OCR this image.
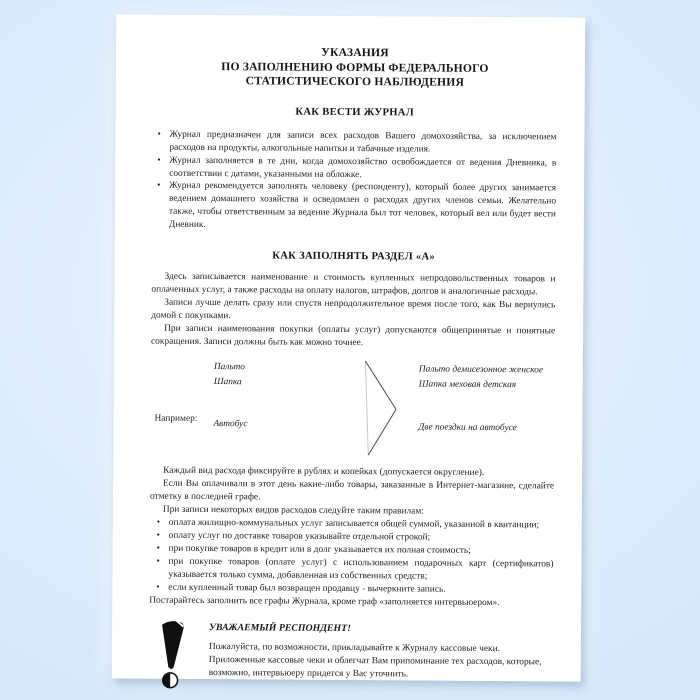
УКАЗАНИЯ
ПО ЗАПОЛНЕНИЮ ФОРМЫ ФЕДЕРАЛЬНОГО
СТАТИСТИЧЕСКОГО НАБЛЮДЕНИЯ
КАК ВЕСТИ ЖУРНАЛ
• Журнал предназначен для записи всех расходов Вашего домохозяйства, за исключением расходов на продукты, алкогольные напитки и табачные изделия.
• Журнал заполняется в те дни, когда домохозяйство освобождается от ведения Дневника, в соответствии с датами, указанными на обложке.
• Журнал рекомендуется заполнять человеку (респонденту), который более других занимается ведением домашнего хозяйства и осведомлен о расходах других членов семьи. Желательно также, чтобы ответственным за ведение Журнала был тот человек, который вел или будет вести Дневник.
КАК ЗАПОЛНЯТЬ РАЗДЕЛ «А»

Здесь записывается наименование и стоимость купленных непродовольственных товаров и оплаченных услуг, а также расходы на оплату налогов, штрафов, долгов и аналогичные расходы.

Записи лучше делать сразу или спустя непродолжительное время после того, как Вы вернулись домой с покупками.

При записи наименования покупки (оплаты услуг) допускаются общепринятые и понятные сокращения. Записи должны быть как можно точнее.

Например:
Пальто
Шапка
Автобус
Пальто демисезонное женское
Шапка меховая детская
Две поездки на автобусе

Каждый вид расхода фиксируйте в рублях и копейках (допускается округление).

Если Вы оплачивали в этот день какие-либо товары, заказанные в Интернет-магазине, сделайте отметку в последней графе.

При записи некоторых видов расходов следуйте таким правилам:

• оплата жилищно-коммунальных услуг записывается общей суммой, указанной в квитанции;
• оплату услуг по доставке товаров указывайте отдельной строкой;
• при покупке товаров в кредит или в долг указывается их полная стоимость;
• при покупке товаров (оплате услуг) с использованием подарочных карт (сертификатов) указывается только сумма, добавленная из собственных средств;
• если купленный товар был возвращен продавцу - вычеркните запись.

Постарайтесь заполнить все графы Журнала, кроме граф «заполняется интервьюером».

УВАЖАЕМЫЙ РЕСПОНДЕНТ!

Пожалуйста, по возможности, прикладывайте к Журналу кассовые чеки.

Приложенные кассовые чеки и облегчат Вам припоминание тех расходов, которые, возможно, интервьюеру придется у Вас уточнить.
